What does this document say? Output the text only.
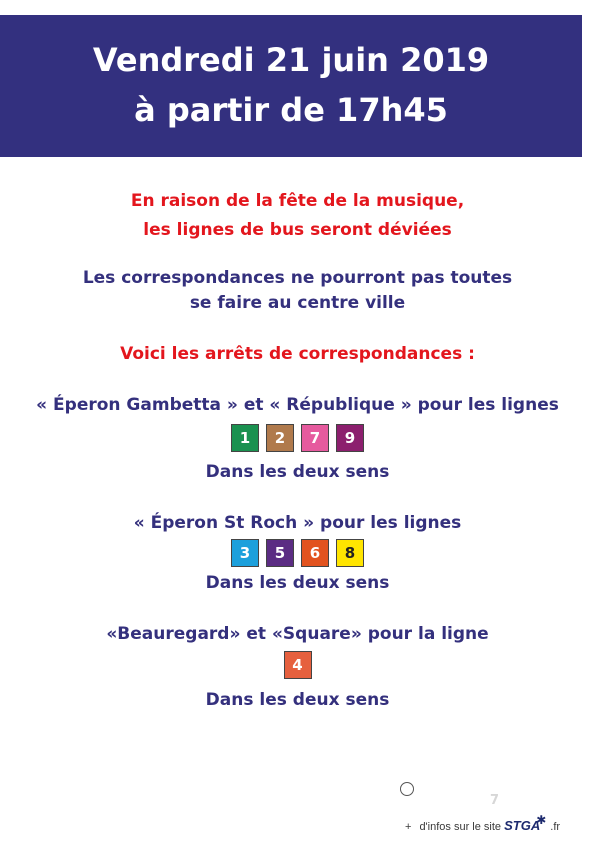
Vendredi 21 juin 2019
à partir de 17h45
En raison de la fête de la musique,
les lignes de bus seront déviées
Les correspondances ne pourront pas toutes
se faire au centre ville
Voici les arrêts de correspondances :
« Éperon Gambetta » et « République » pour les lignes
1	2	7	9
Dans les deux sens
« Éperon St Roch » pour les lignes
3	5	6	8
Dans les deux sens
«Beauregard» et «Square» pour la ligne
4
Dans les deux sens
7
+ d'infos sur le site STGA✱ .fr
